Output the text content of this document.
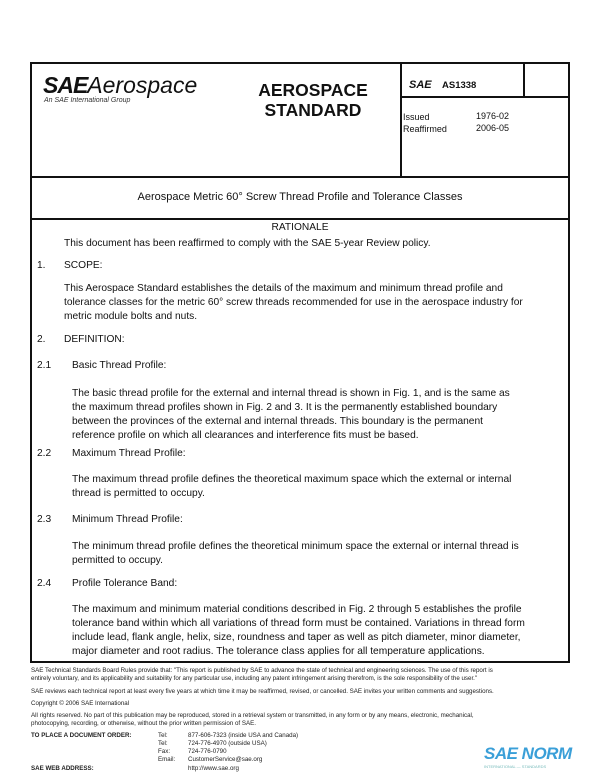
SAEAerospace
An SAE International Group
AEROSPACE
STANDARD
SAE AS1338
Issued	1976-02
Reaffirmed	2006-05
Aerospace Metric 60° Screw Thread Profile and Tolerance Classes
RATIONALE
This document has been reaffirmed to comply with the SAE 5-year Review policy.
1. SCOPE:
This Aerospace Standard establishes the details of the maximum and minimum thread profile and
tolerance classes for the metric 60° screw threads recommended for use in the aerospace industry for
metric module bolts and nuts.
2. DEFINITION:
2.1 Basic Thread Profile:
The basic thread profile for the external and internal thread is shown in Fig. 1, and is the same as
the maximum thread profiles shown in Fig. 2 and 3. It is the permanently established boundary
between the provinces of the external and internal threads. This boundary is the permanent
reference profile on which all clearances and interference fits must be based.
2.2 Maximum Thread Profile:
The maximum thread profile defines the theoretical maximum space which the external or internal
thread is permitted to occupy.
2.3 Minimum Thread Profile:
The minimum thread profile defines the theoretical minimum space the external or internal thread is
permitted to occupy.
2.4 Profile Tolerance Band:
The maximum and minimum material conditions described in Fig. 2 through 5 establishes the profile
tolerance band within which all variations of thread form must be contained. Variations in thread form
include lead, flank angle, helix, size, roundness and taper as well as pitch diameter, minor diameter,
major diameter and root radius. The tolerance class applies for all temperature applications.
SAE Technical Standards Board Rules provide that: "This report is published by SAE to advance the state of technical and engineering sciences. The use of this report is
entirely voluntary, and its applicability and suitability for any particular use, including any patent infringement arising therefrom, is the sole responsibility of the user."
SAE reviews each technical report at least every five years at which time it may be reaffirmed, revised, or cancelled. SAE invites your written comments and suggestions.
Copyright © 2006 SAE International
All rights reserved. No part of this publication may be reproduced, stored in a retrieval system or transmitted, in any form or by any means, electronic, mechanical,
photocopying, recording, or otherwise, without the prior written permission of SAE.
TO PLACE A DOCUMENT ORDER:	Tel:	877-606-7323 (inside USA and Canada)
Tel:	724-776-4970 (outside USA)
Fax:	724-776-0790
Email: CustomerService@sae.org
SAE WEB ADDRESS:	http://www.sae.org
SAE NORM
INTERNATIONAL — STANDARDS
